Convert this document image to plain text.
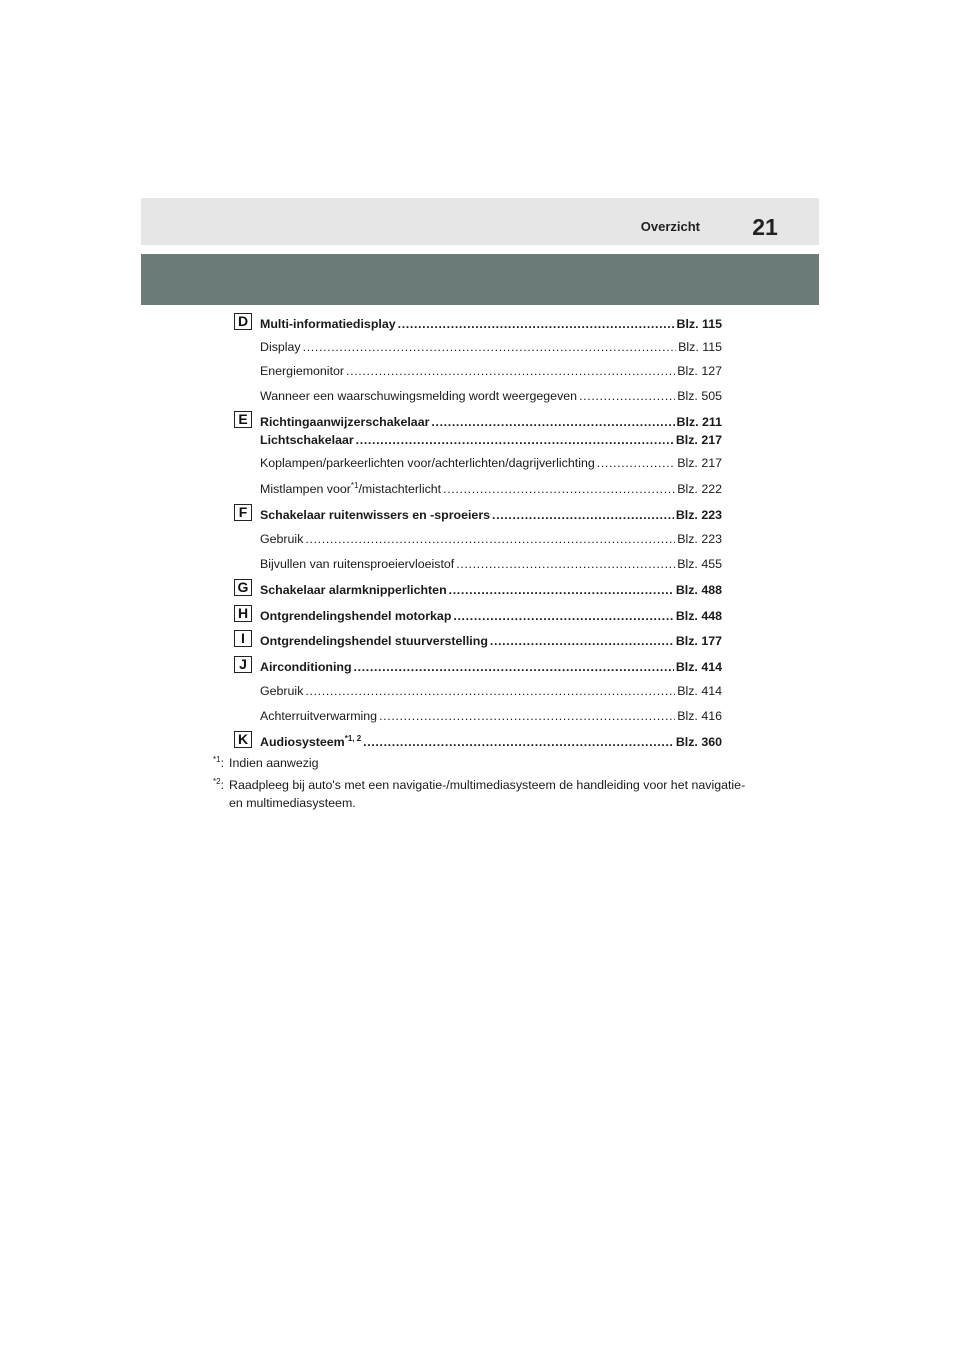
Overzicht	21
D Multi-informatiedisplay . . .	Blz. 115
Display . . .	Blz. 115
Energiemonitor . . .	Blz. 127
Wanneer een waarschuwingsmelding wordt weergegeven . . .	Blz. 505
E Richtingaanwijzerschakelaar . . .	Blz. 211
Lichtschakelaar . . .	Blz. 217
Koplampen/parkeerlichten voor/achterlichten/dagrijverlichting . . .	Blz. 217
Mistlampen voor$^{*1}$/mistachterlicht . . .	Blz. 222
F	Schakelaar ruitenwissers en -sproeiers . . .	Blz. 223
Gebruik . . .	Blz. 223
Bijvullen van ruitensproeiervloeistof . . .	Blz. 455
G Schakelaar alarmknipperlichten . . .	Blz. 488
H Ontgrendelingshendel motorkap . . .	Blz. 448
I	Ontgrendelingshendel stuurverstelling . . .	Blz. 177
J	Airconditioning . . .	Blz. 414
Gebruik . . .	Blz. 414
Achterruitverwarming . . .	Blz. 416
K Audiosysteem$^{*1, 2}$ . . .	Blz. 360
$^{*1}$: Indien aanwezig
$^{*2}$: Raadpleeg bij auto's met een navigatie-/multimediasysteem de handleiding voor het navigatie- en multimediasysteem.
